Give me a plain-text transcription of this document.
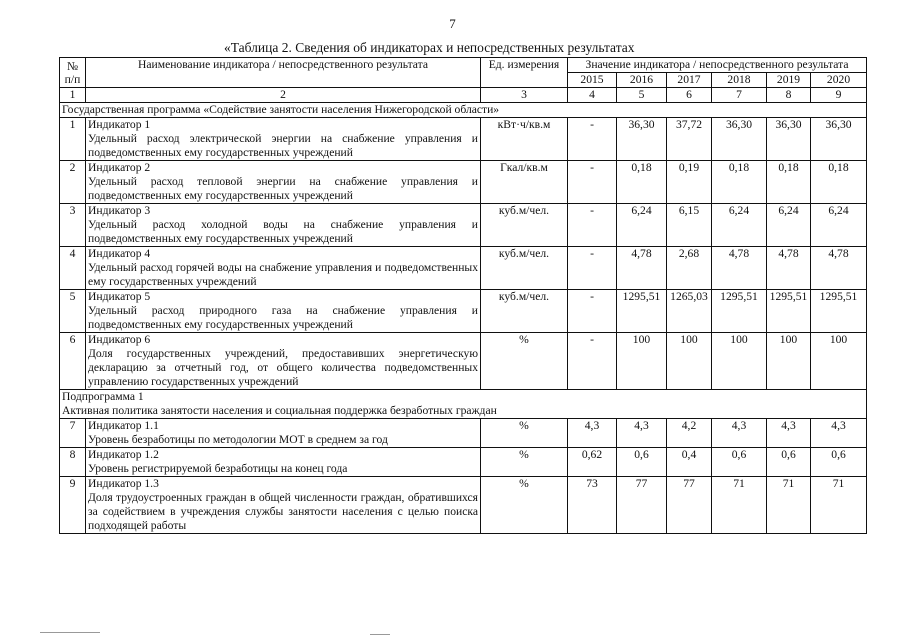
7
«Таблица 2. Сведения об индикаторах и непосредственных результатах
№
п/п	Наименование индикатора / непосредственного результата	Ед. измерения	Значение индикатора / непосредственного результата					
			2015	2016	2017	2018	2019	2020
1	2	3	4	5	6	7	8	9
Государственная программа «Содействие занятости населения Нижегородской области»								
1	Индикатор 1
Удельный расход электрической энергии на снабжение управления и подведомственных ему государственных учреждений	кВт·ч/кв.м	-	36,30	37,72	36,30	36,30	36,30
2	Индикатор 2
Удельный расход тепловой энергии на снабжение управления и подведомственных ему государственных учреждений	Гкал/кв.м	-	0,18	0,19	0,18	0,18	0,18
3	Индикатор 3
Удельный расход холодной воды на снабжение управления и подведомственных ему государственных учреждений	куб.м/чел.	-	6,24	6,15	6,24	6,24	6,24
4	Индикатор 4
Удельный расход горячей воды на снабжение управления и подведомственных ему государственных учреждений	куб.м/чел.	-	4,78	2,68	4,78	4,78	4,78
5	Индикатор 5
Удельный расход природного газа на снабжение управления и подведомственных ему государственных учреждений	куб.м/чел.	-	1295,51	1265,03	1295,51	1295,51	1295,51
6	Индикатор 6
Доля государственных учреждений, предоставивших энергетическую декларацию за отчетный год, от общего количества подведомственных управлению государственных учреждений	%	-	100	100	100	100	100

Подпрограмма 1
Активная политика занятости населения и социальная поддержка безработных граждан								

7	Индикатор 1.1
Уровень безработицы по методологии МОТ в среднем за год	%	4,3	4,3	4,2	4,3	4,3	4,3
8	Индикатор 1.2
Уровень регистрируемой безработицы на конец года	%	0,62	0,6	0,4	0,6	0,6	0,6
9	Индикатор 1.3
Доля трудоустроенных граждан в общей численности граждан, обратившихся за содействием в учреждения службы занятости населения с целью поиска подходящей работы	%	73	77	77	71	71	71
